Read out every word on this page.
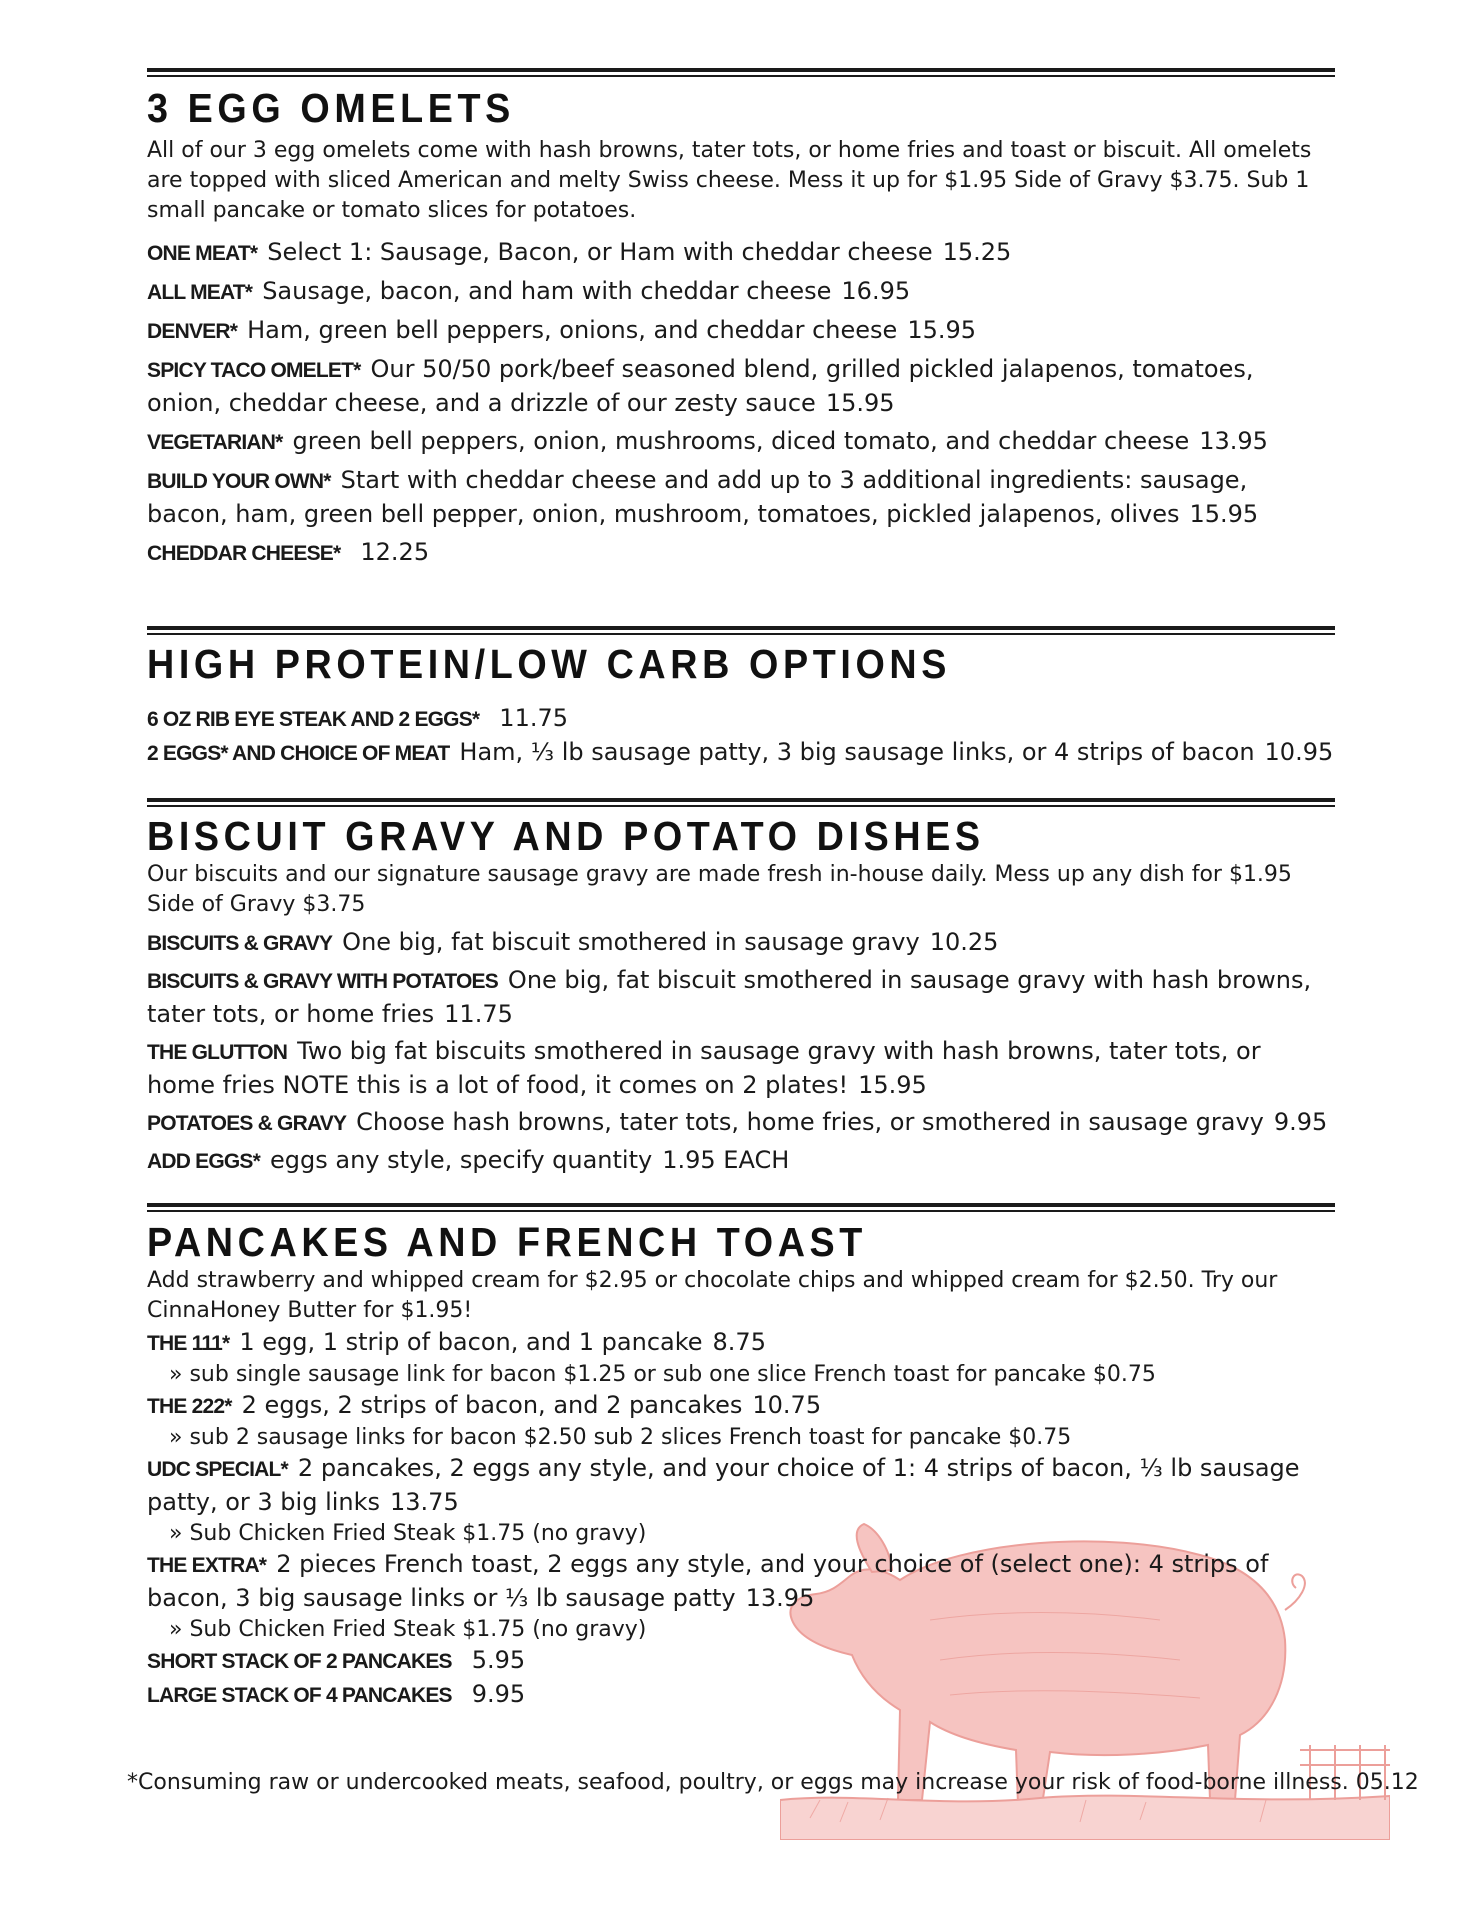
3 EGG OMELETS

All of our 3 egg omelets come with hash browns, tater tots, or home fries and toast or biscuit. All omelets are topped with sliced American and melty Swiss cheese. Mess it up for $1.95 Side of Gravy $3.75. Sub 1 small pancake or tomato slices for potatoes.

ONE MEAT* Select 1: Sausage, Bacon, or Ham with cheddar cheese 15.25

ALL MEAT* Sausage, bacon, and ham with cheddar cheese 16.95

DENVER* Ham, green bell peppers, onions, and cheddar cheese 15.95

SPICY TACO OMELET* Our 50/50 pork/beef seasoned blend, grilled pickled jalapenos, tomatoes, onion, cheddar cheese, and a drizzle of our zesty sauce 15.95

VEGETARIAN* green bell peppers, onion, mushrooms, diced tomato, and cheddar cheese 13.95

BUILD YOUR OWN* Start with cheddar cheese and add up to 3 additional ingredients: sausage, bacon, ham, green bell pepper, onion, mushroom, tomatoes, pickled jalapenos, olives 15.95

CHEDDAR CHEESE* 12.25

HIGH PROTEIN/LOW CARB OPTIONS

6 OZ RIB EYE STEAK AND 2 EGGS* 11.75

2 EGGS* AND CHOICE OF MEAT Ham, ⅓ lb sausage patty, 3 big sausage links, or 4 strips of bacon 10.95

BISCUIT GRAVY AND POTATO DISHES

Our biscuits and our signature sausage gravy are made fresh in-house daily. Mess up any dish for $1.95 Side of Gravy $3.75

BISCUITS & GRAVY One big, fat biscuit smothered in sausage gravy 10.25

BISCUITS & GRAVY WITH POTATOES One big, fat biscuit smothered in sausage gravy with hash browns, tater tots, or home fries 11.75

THE GLUTTON Two big fat biscuits smothered in sausage gravy with hash browns, tater tots, or home fries NOTE this is a lot of food, it comes on 2 plates! 15.95

POTATOES & GRAVY Choose hash browns, tater tots, home fries, or smothered in sausage gravy 9.95

ADD EGGS* eggs any style, specify quantity 1.95 EACH

PANCAKES AND FRENCH TOAST

Add strawberry and whipped cream for $2.95 or chocolate chips and whipped cream for $2.50. Try our CinnaHoney Butter for $1.95!

THE 111* 1 egg, 1 strip of bacon, and 1 pancake 8.75

» sub single sausage link for bacon $1.25 or sub one slice French toast for pancake $0.75

THE 222* 2 eggs, 2 strips of bacon, and 2 pancakes 10.75

» sub 2 sausage links for bacon $2.50 sub 2 slices French toast for pancake $0.75

UDC SPECIAL* 2 pancakes, 2 eggs any style, and your choice of 1: 4 strips of bacon, ⅓ lb sausage patty, or 3 big links 13.75

» Sub Chicken Fried Steak $1.75 (no gravy)

THE EXTRA* 2 pieces French toast, 2 eggs any style, and your choice of (select one): 4 strips of bacon, 3 big sausage links or ⅓ lb sausage patty 13.95

» Sub Chicken Fried Steak $1.75 (no gravy)

SHORT STACK OF 2 PANCAKES 5.95

LARGE STACK OF 4 PANCAKES 9.95

*Consuming raw or undercooked meats, seafood, poultry, or eggs may increase your risk of food-borne illness. 05.12
